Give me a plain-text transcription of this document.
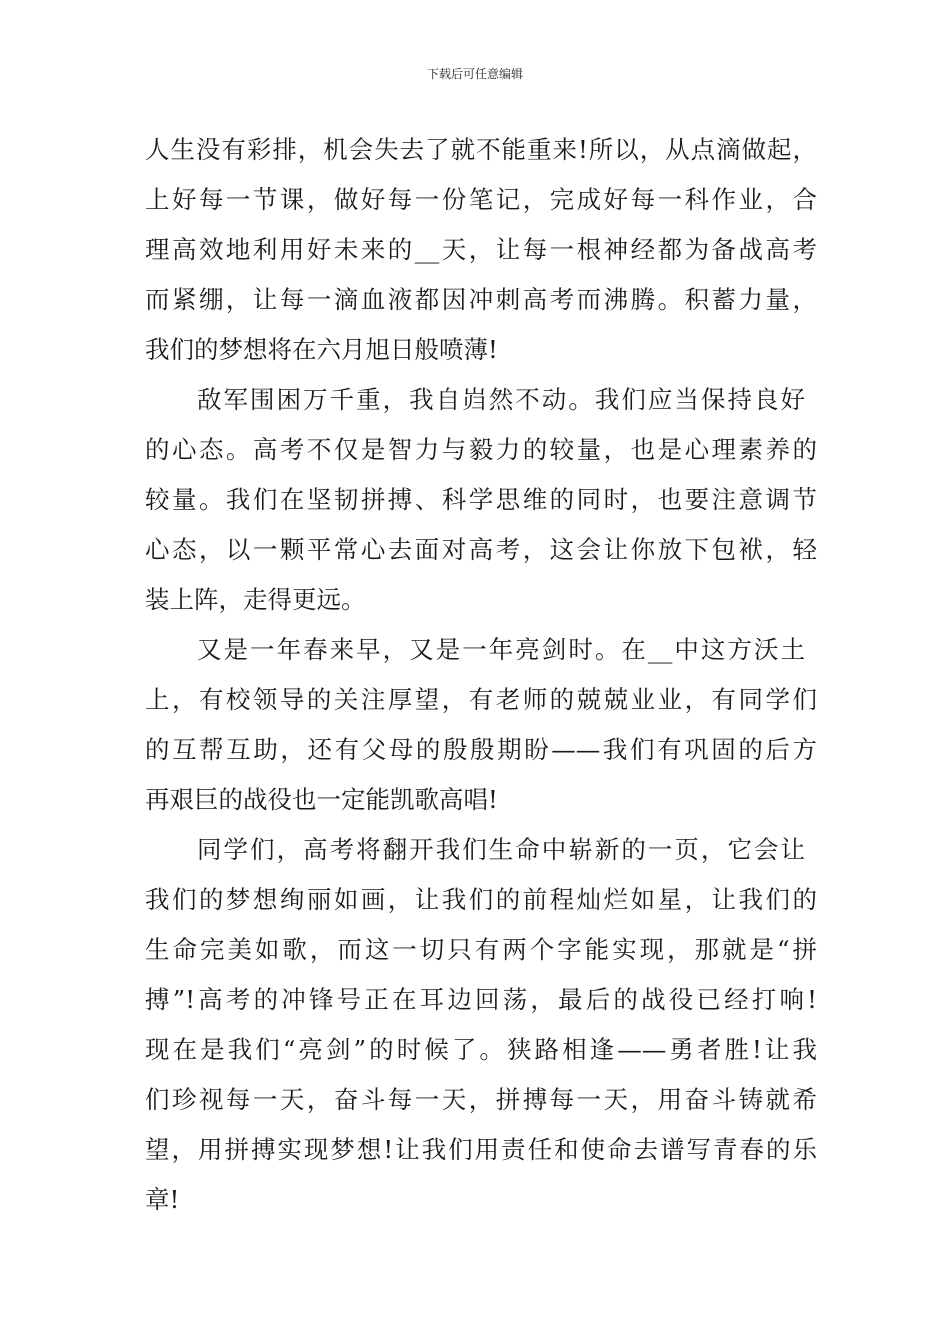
下载后可任意编辑
人生没有彩排，机会失去了就不能重来!所以，从点滴做起，
上好每一节课，做好每一份笔记，完成好每一科作业，合
理高效地利用好未来的__天，让每一根神经都为备战高考
而紧绷，让每一滴血液都因冲刺高考而沸腾。积蓄力量，
我们的梦想将在六月旭日般喷薄!
敌军围困万千重，我自岿然不动。我们应当保持良好
的心态。高考不仅是智力与毅力的较量，也是心理素养的
较量。我们在坚韧拼搏、科学思维的同时，也要注意调节
心态，以一颗平常心去面对高考，这会让你放下包袱，轻
装上阵，走得更远。
又是一年春来早，又是一年亮剑时。在__中这方沃土
上，有校领导的关注厚望，有老师的兢兢业业，有同学们
的互帮互助，还有父母的殷殷期盼——我们有巩固的后方
再艰巨的战役也一定能凯歌高唱!
同学们，高考将翻开我们生命中崭新的一页，它会让
我们的梦想绚丽如画，让我们的前程灿烂如星，让我们的
生命完美如歌，而这一切只有两个字能实现，那就是“拼
搏”!高考的冲锋号正在耳边回荡，最后的战役已经打响!
现在是我们“亮剑”的时候了。狭路相逢——勇者胜!让我
们珍视每一天，奋斗每一天，拼搏每一天，用奋斗铸就希
望，用拼搏实现梦想!让我们用责任和使命去谱写青春的乐
章!
